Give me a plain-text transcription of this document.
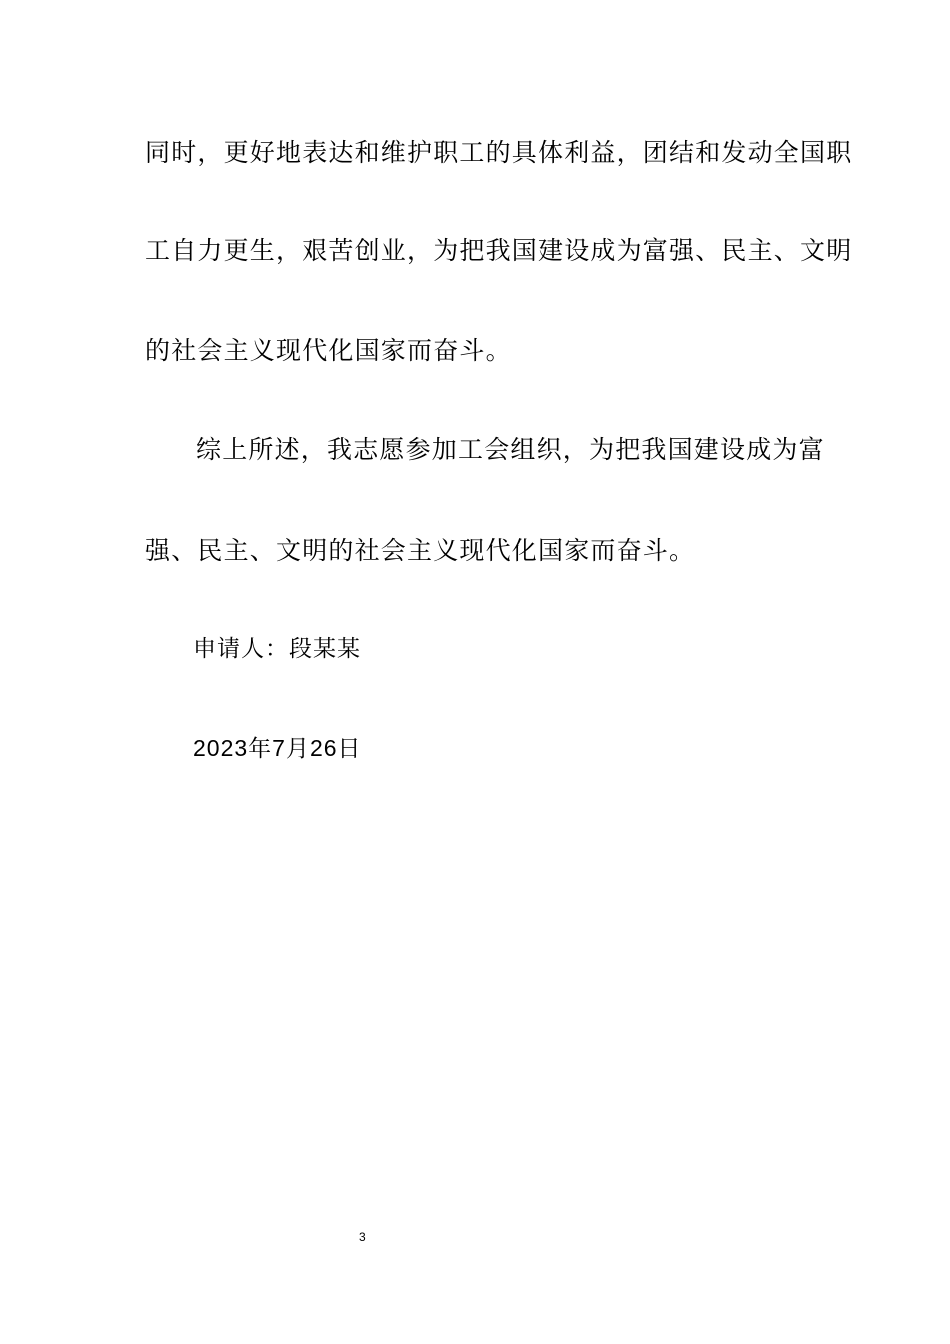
同时，更好地表达和维护职工的具体利益，团结和发动全国职
工自力更生，艰苦创业，为把我国建设成为富强、民主、文明
的社会主义现代化国家而奋斗。
综上所述，我志愿参加工会组织，为把我国建设成为富
强、民主、文明的社会主义现代化国家而奋斗。
申请人：段某某
2023年7月26日
3
